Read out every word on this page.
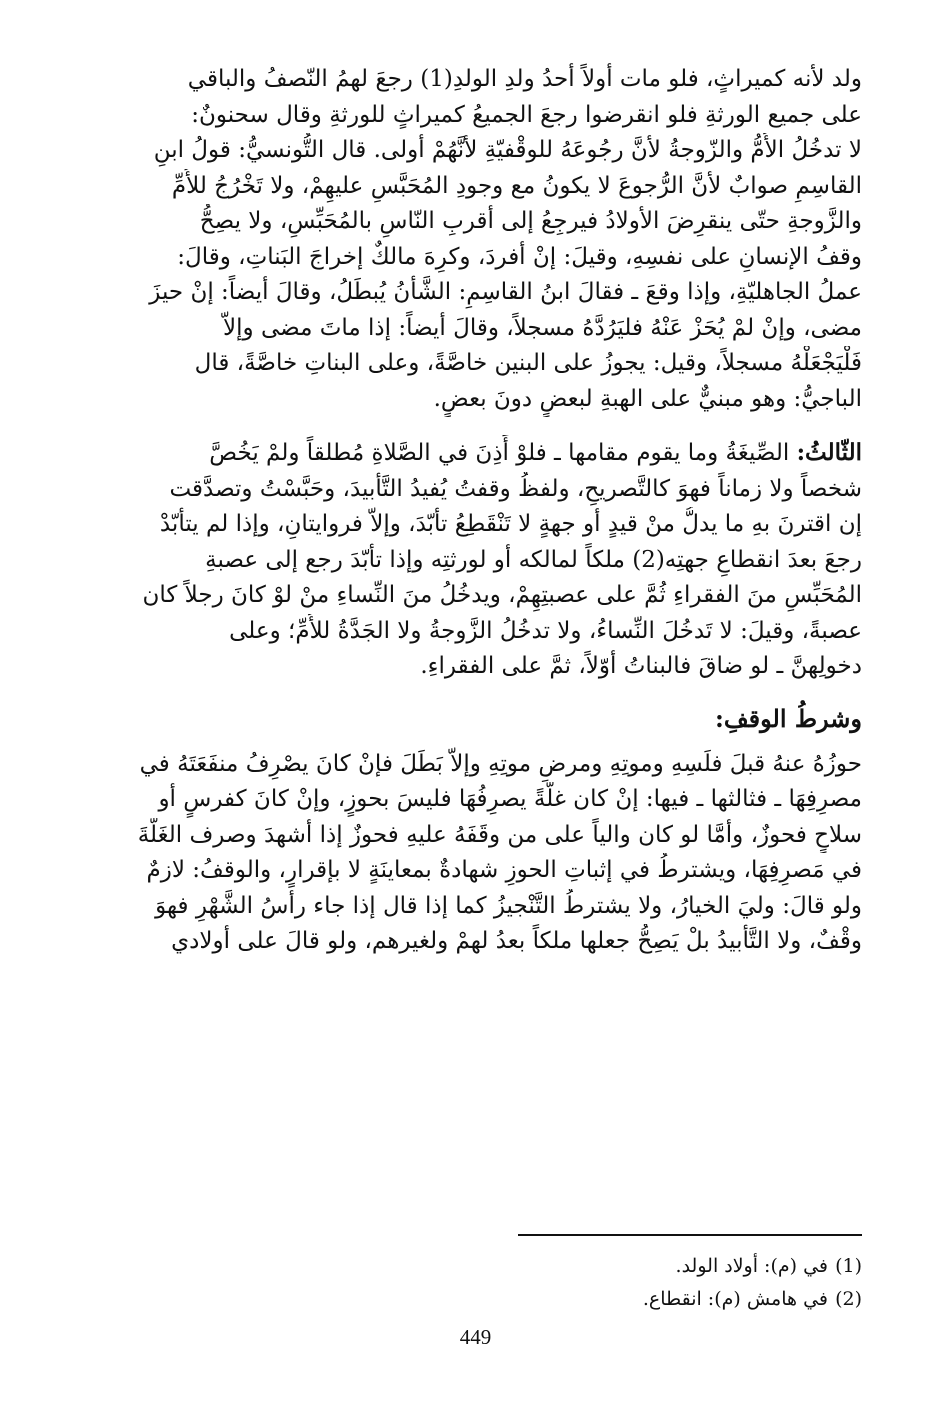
ولد لأنه كميراثٍ، فلو مات أولاً أحدُ ولدِ الولدِ(1) رجعَ لهمُ النّصفُ والباقي

على جميع الورثةِ فلو انقرضوا رجعَ الجميعُ كميراثٍ للورثةِ وقال سحنونٌ:

لا تدخُلُ الأُمُّ والزّوجةُ لأنَّ رجُوعَهُ للوقْفيّةِ لأنَّهُمْ أولى. قال التُّونسيُّ: قولُ ابنِ

القاسِمِ صوابٌ لأنَّ الرُّجوعَ لا يكونُ مع وجودِ المُحَبَّسِ عليهِمْ، ولا تَخْرُجُ للأُمِّ

والزَّوجةِ حتّى ينقرِضَ الأولادُ فيرجِعُ إلى أقربِ النّاسِ بالمُحَبِّسِ، ولا يصِحُّ

وقفُ الإنسانِ على نفسِهِ، وقيلَ: إنْ أفردَ، وكرِهَ مالكٌ إخراجَ البَناتِ، وقالَ:

عملُ الجاهليّةِ، وإذا وقعَ ـ فقالَ ابنُ القاسِمِ: الشَّأنُ يُبطَلُ، وقالَ أيضاً: إنْ حيزَ

مضى، وإنْ لمْ يُحَزْ عَنْهُ فليَرُدَّهُ مسجلاً، وقالَ أيضاً: إذا ماتَ مضى وإلاّ

فَلْيَجْعَلْهُ مسجلاً، وقيل: يجوزُ على البنين خاصَّةً، وعلى البناتِ خاصَّةً، قال

الباجيُّ: وهو مبنيٌّ على الهبةِ لبعضٍ دونَ بعضٍ.

الثّالثُ: الصِّيغَةُ وما يقوم مقامها ـ فلوْ أَذِنَ في الصَّلاةِ مُطلقاً ولمْ يَخُصَّ

شخصاً ولا زماناً فهوَ كالتَّصريحِ، ولفظُ وقفتُ يُفيدُ التَّأبيدَ، وحَبَّسْتُ وتصدَّقت

إن اقترنَ بهِ ما يدلُّ منْ قيدٍ أو جهةٍ لا تَنْقَطِعُ تأبّدَ، وإلاّ فروايتانِ، وإذا لم يتأبّدْ

رجعَ بعدَ انقطاعِ جهتِه(2) ملكاً لمالكه أو لورثتِه وإذا تأبّدَ رجع إلى عصبةِ

المُحَبِّسِ منَ الفقراءِ ثُمَّ على عصبتِهِمْ، ويدخُلُ منَ النِّساءِ منْ لوْ كانَ رجلاً كان

عصبةً، وقيلَ: لا تَدخُلَ النِّساءُ، ولا تدخُلُ الزَّوجةُ ولا الجَدَّةُ للأُمِّ؛ وعلى

دخولِهنَّ ـ لو ضاقَ فالبناتُ أوّلاً، ثمَّ على الفقراءِ.

وشرطُ الوقفِ:

حوزُهُ عنهُ قبلَ فلَسِهِ وموتِهِ ومرضِ موتِهِ وإلاّ بَطَلَ فإنْ كانَ يصْرِفُ منفَعَتَهُ في

مصرِفِهَا ـ فثالثها ـ فيها: إنْ كان غلَّةً يصرِفُهَا فليسَ بحوزٍ، وإنْ كانَ كفرسٍ أو

سلاحٍ فحوزٌ، وأمَّا لو كان والياً على من وقَفَهُ عليهِ فحوزٌ إذا أشهدَ وصرف الغَلَّةَ

في مَصرِفِهَا، ويشترطُ في إثباتِ الحوزِ شهادةٌ بمعاينَةٍ لا بإقرارٍ، والوقفُ: لازمٌ

ولو قالَ: وليَ الخيارُ، ولا يشترطُ التَّنْجيزُ كما إذا قال إذا جاء رأسُ الشَّهْرِ فهوَ

وقْفٌ، ولا التَّأْبيدُ بلْ يَصِحُّ جعلها ملكاً بعدُ لهمْ ولغيرهم، ولو قالَ على أولادي

(1)في (م): أولاد الولد.

(2)في هامش (م): انقطاع.

449
